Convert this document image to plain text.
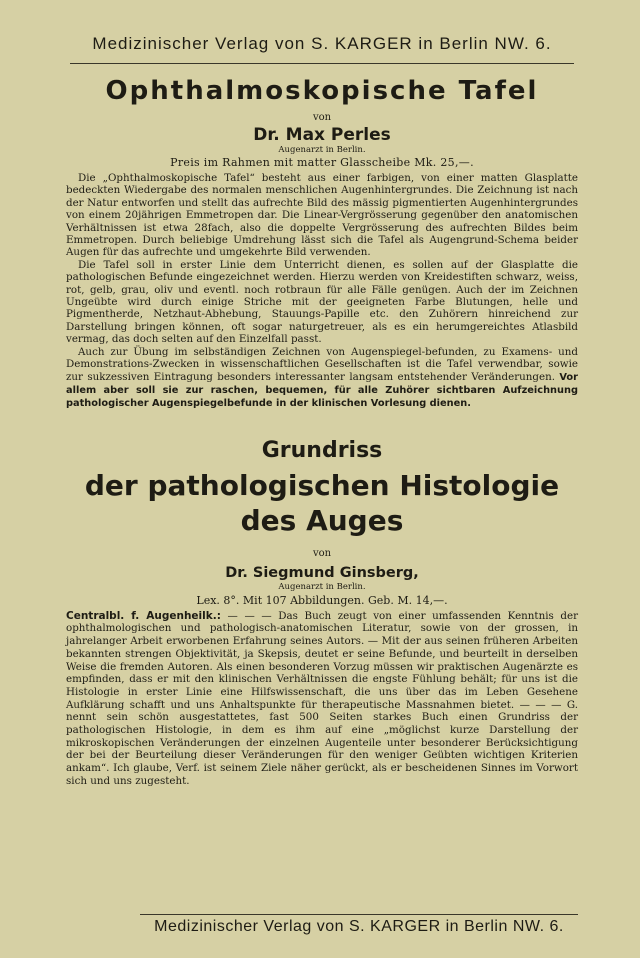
Medizinischer Verlag von S. KARGER in Berlin NW. 6.
Ophthalmoskopische Tafel
von
Dr. Max Perles
Augenarzt in Berlin.
Preis im Rahmen mit matter Glasscheibe Mk. 25,—.

Die „Ophthalmoskopische Tafel“ besteht aus einer farbigen, von einer matten Glasplatte bedeckten Wiedergabe des normalen menschlichen Augenhintergrundes. Die Zeichnung ist nach der Natur entworfen und stellt das aufrechte Bild des mässig pigmentierten Augenhintergrundes von einem 20jährigen Emmetropen dar. Die Linear-Vergrösserung gegenüber den anatomischen Verhältnissen ist etwa 28fach, also die doppelte Vergrösserung des aufrechten Bildes beim Emmetropen. Durch beliebige Umdrehung lässt sich die Tafel als Augengrund-Schema beider Augen für das aufrechte und umgekehrte Bild verwenden.

Die Tafel soll in erster Linie dem Unterricht dienen, es sollen auf der Glasplatte die pathologischen Befunde eingezeichnet werden. Hierzu werden von Kreidestiften schwarz, weiss, rot, gelb, grau, oliv und eventl. noch rotbraun für alle Fälle genügen. Auch der im Zeichnen Ungeübte wird durch einige Striche mit der geeigneten Farbe Blutungen, helle und Pigmentherde, Netzhaut-Abhebung, Stauungs-Papille etc. den Zuhörern hinreichend zur Darstellung bringen können, oft sogar naturgetreuer, als es ein herumgereichtes Atlasbild vermag, das doch selten auf den Einzelfall passt.

Auch zur Übung im selbständigen Zeichnen von Augenspiegel-befunden, zu Examens- und Demonstrations-Zwecken in wissenschaftlichen Gesellschaften ist die Tafel verwendbar, sowie zur sukzessiven Eintragung besonders interessanter langsam entstehender Veränderungen. Vor allem aber soll sie zur raschen, bequemen, für alle Zuhörer sichtbaren Aufzeichnung pathologischer Augenspiegelbefunde in der klinischen Vorlesung dienen.

Grundriss
der pathologischen Histologie
des Auges
von
Dr. Siegmund Ginsberg,
Augenarzt in Berlin.
Lex. 8°. Mit 107 Abbildungen. Geb. M. 14,—.
Centralbl. f. Augenheilk.: — — — Das Buch zeugt von einer umfassenden Kenntnis der ophthalmologischen und pathologisch-anatomischen Literatur, sowie von der grossen, in jahrelanger Arbeit erworbenen Erfahrung seines Autors. — Mit der aus seinen früheren Arbeiten bekannten strengen Objektivität, ja Skepsis, deutet er seine Befunde, und beurteilt in derselben Weise die fremden Autoren. Als einen besonderen Vorzug müssen wir praktischen Augenärzte es empfinden, dass er mit den klinischen Verhältnissen die engste Fühlung behält; für uns ist die Histologie in erster Linie eine Hilfswissenschaft, die uns über das im Leben Gesehene Aufklärung schafft und uns Anhaltspunkte für therapeutische Massnahmen bietet. — — — G. nennt sein schön ausgestattetes, fast 500 Seiten starkes Buch einen Grundriss der pathologischen Histologie, in dem es ihm auf eine „möglichst kurze Darstellung der mikroskopischen Veränderungen der einzelnen Augenteile unter besonderer Berücksichtigung der bei der Beurteilung dieser Veränderungen für den weniger Geübten wichtigen Kriterien ankam“. Ich glaube, Verf. ist seinem Ziele näher gerückt, als er bescheidenen Sinnes im Vorwort sich und uns zugesteht.
Medizinischer Verlag von S. KARGER in Berlin NW. 6.
